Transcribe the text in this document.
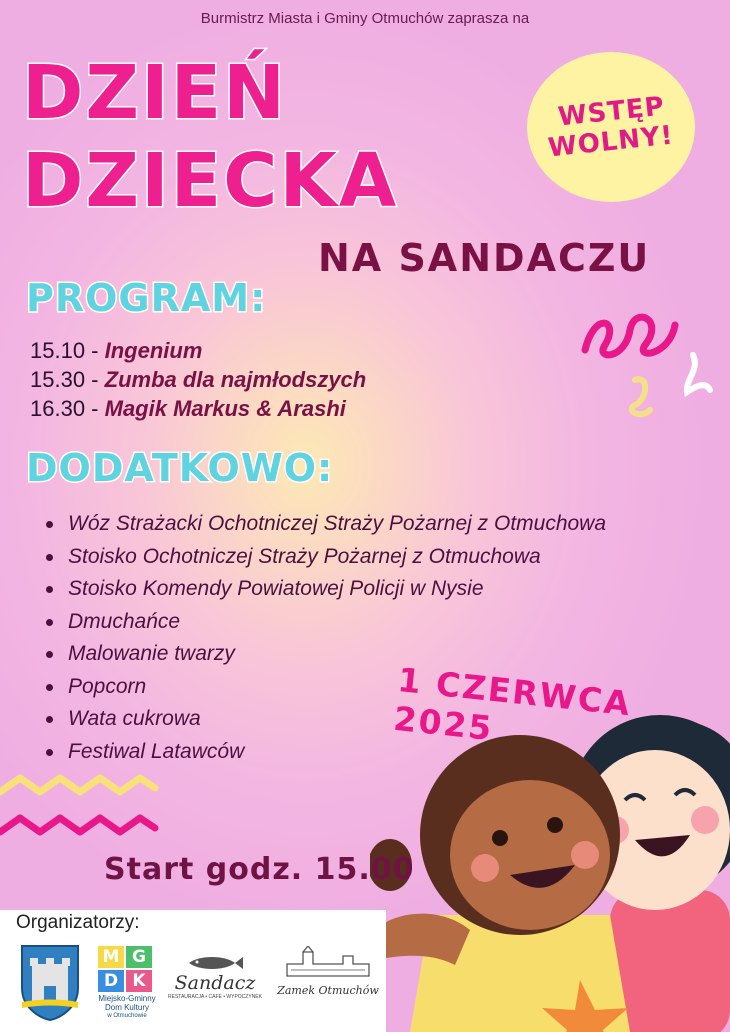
Burmistrz Miasta i Gminy Otmuchów zaprasza na
DZIEŃ
DZIECKA
NA SANDACZU
WSTĘP
WOLNY!
PROGRAM:
15.10 - Ingenium
15.30 - Zumba dla najmłodszych
16.30 - Magik Markus & Arashi
DODATKOWO:
Wóz Strażacki Ochotniczej Straży Pożarnej z Otmuchowa
Stoisko Ochotniczej Straży Pożarnej z Otmuchowa
Stoisko Komendy Powiatowej Policji w Nysie
Dmuchańce
Malowanie twarzy
Popcorn
Wata cukrowa
Festiwal Latawców
1 CZERWCA 2025
Start godz. 15.00
Organizatorzy:
M G
D K
Miejsko-Gminny
Dom Kultury
w Otmuchowie
Sandacz
RESTAURACJA • CAFE • WYPOCZYNEK	Zamek Otmuchów
